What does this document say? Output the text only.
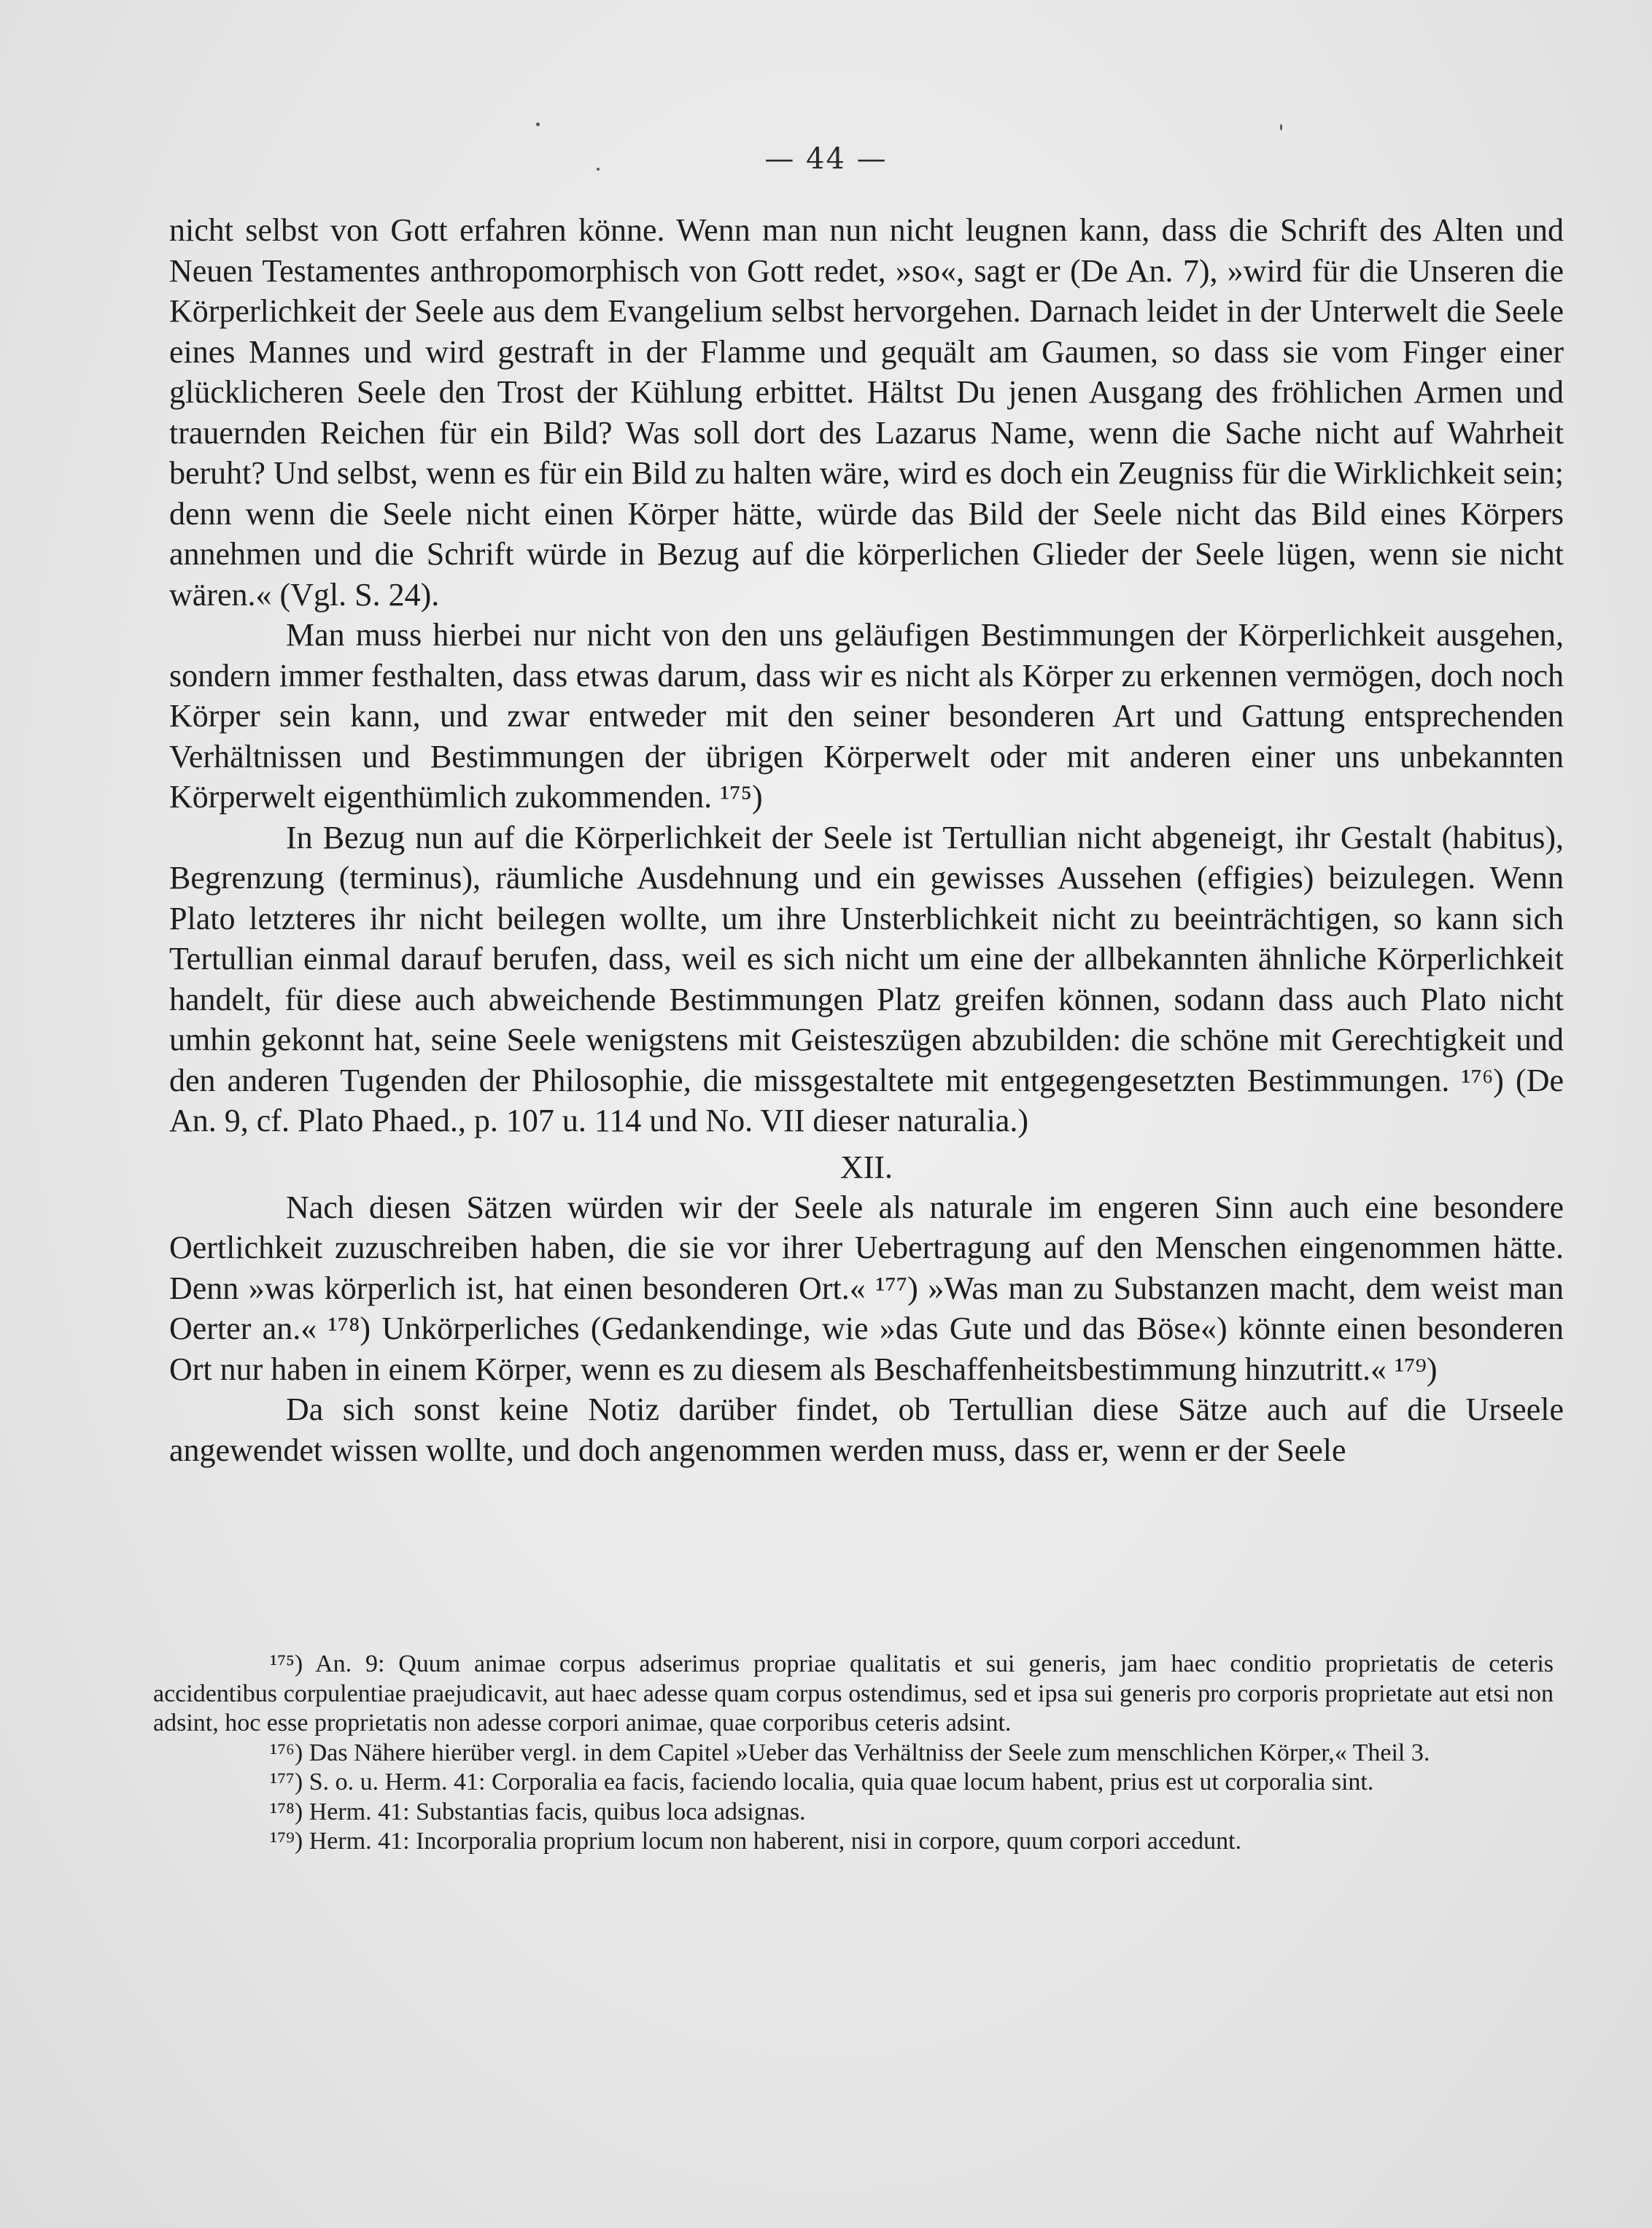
— 44 —

nicht selbst von Gott erfahren könne. Wenn man nun nicht leugnen kann, dass die Schrift des Alten und Neuen Testamentes anthropomorphisch von Gott redet, »so«, sagt er (De An. 7), »wird für die Unseren die Körperlichkeit der Seele aus dem Evangelium selbst hervorgehen. Darnach leidet in der Unterwelt die Seele eines Mannes und wird gestraft in der Flamme und gequält am Gaumen, so dass sie vom Finger einer glücklicheren Seele den Trost der Kühlung erbittet. Hältst Du jenen Ausgang des fröhlichen Armen und trauernden Reichen für ein Bild? Was soll dort des Lazarus Name, wenn die Sache nicht auf Wahrheit beruht? Und selbst, wenn es für ein Bild zu halten wäre, wird es doch ein Zeugniss für die Wirklichkeit sein; denn wenn die Seele nicht einen Körper hätte, würde das Bild der Seele nicht das Bild eines Körpers annehmen und die Schrift würde in Bezug auf die körperlichen Glieder der Seele lügen, wenn sie nicht wären.« (Vgl. S. 24).

Man muss hierbei nur nicht von den uns geläufigen Bestimmungen der Körperlichkeit ausgehen, sondern immer festhalten, dass etwas darum, dass wir es nicht als Körper zu erkennen vermögen, doch noch Körper sein kann, und zwar entweder mit den seiner besonderen Art und Gattung entsprechenden Verhältnissen und Bestimmungen der übrigen Körperwelt oder mit anderen einer uns unbekannten Körperwelt eigenthümlich zukommenden. ¹⁷⁵)

In Bezug nun auf die Körperlichkeit der Seele ist Tertullian nicht abgeneigt, ihr Gestalt (habitus), Begrenzung (terminus), räumliche Ausdehnung und ein gewisses Aussehen (effigies) beizulegen. Wenn Plato letzteres ihr nicht beilegen wollte, um ihre Unsterblichkeit nicht zu beeinträchtigen, so kann sich Tertullian einmal darauf berufen, dass, weil es sich nicht um eine der allbekannten ähnliche Körperlichkeit handelt, für diese auch abweichende Bestimmungen Platz greifen können, sodann dass auch Plato nicht umhin gekonnt hat, seine Seele wenigstens mit Geisteszügen abzubilden: die schöne mit Gerechtigkeit und den anderen Tugenden der Philosophie, die missgestaltete mit entgegengesetzten Bestimmungen. ¹⁷⁶) (De An. 9, cf. Plato Phaed., p. 107 u. 114 und No. VII dieser naturalia.)

XII.

Nach diesen Sätzen würden wir der Seele als naturale im engeren Sinn auch eine besondere Oertlichkeit zuzuschreiben haben, die sie vor ihrer Uebertragung auf den Menschen eingenommen hätte. Denn »was körperlich ist, hat einen besonderen Ort.« ¹⁷⁷) »Was man zu Substanzen macht, dem weist man Oerter an.« ¹⁷⁸) Unkörperliches (Gedankendinge, wie »das Gute und das Böse«) könnte einen besonderen Ort nur haben in einem Körper, wenn es zu diesem als Beschaffenheitsbestimmung hinzutritt.« ¹⁷⁹)

Da sich sonst keine Notiz darüber findet, ob Tertullian diese Sätze auch auf die Urseele angewendet wissen wollte, und doch angenommen werden muss, dass er, wenn er der Seele

¹⁷⁵) An. 9: Quum animae corpus adserimus propriae qualitatis et sui generis, jam haec conditio proprietatis de ceteris accidentibus corpulentiae praejudicavit, aut haec adesse quam corpus ostendimus, sed et ipsa sui generis pro corporis proprietate aut etsi non adsint, hoc esse proprietatis non adesse corpori animae, quae corporibus ceteris adsint.

¹⁷⁶) Das Nähere hierüber vergl. in dem Capitel »Ueber das Verhältniss der Seele zum menschlichen Körper,« Theil 3.

¹⁷⁷) S. o. u. Herm. 41: Corporalia ea facis, faciendo localia, quia quae locum habent, prius est ut corporalia sint.

¹⁷⁸) Herm. 41: Substantias facis, quibus loca adsignas.

¹⁷⁹) Herm. 41: Incorporalia proprium locum non haberent, nisi in corpore, quum corpori accedunt.
